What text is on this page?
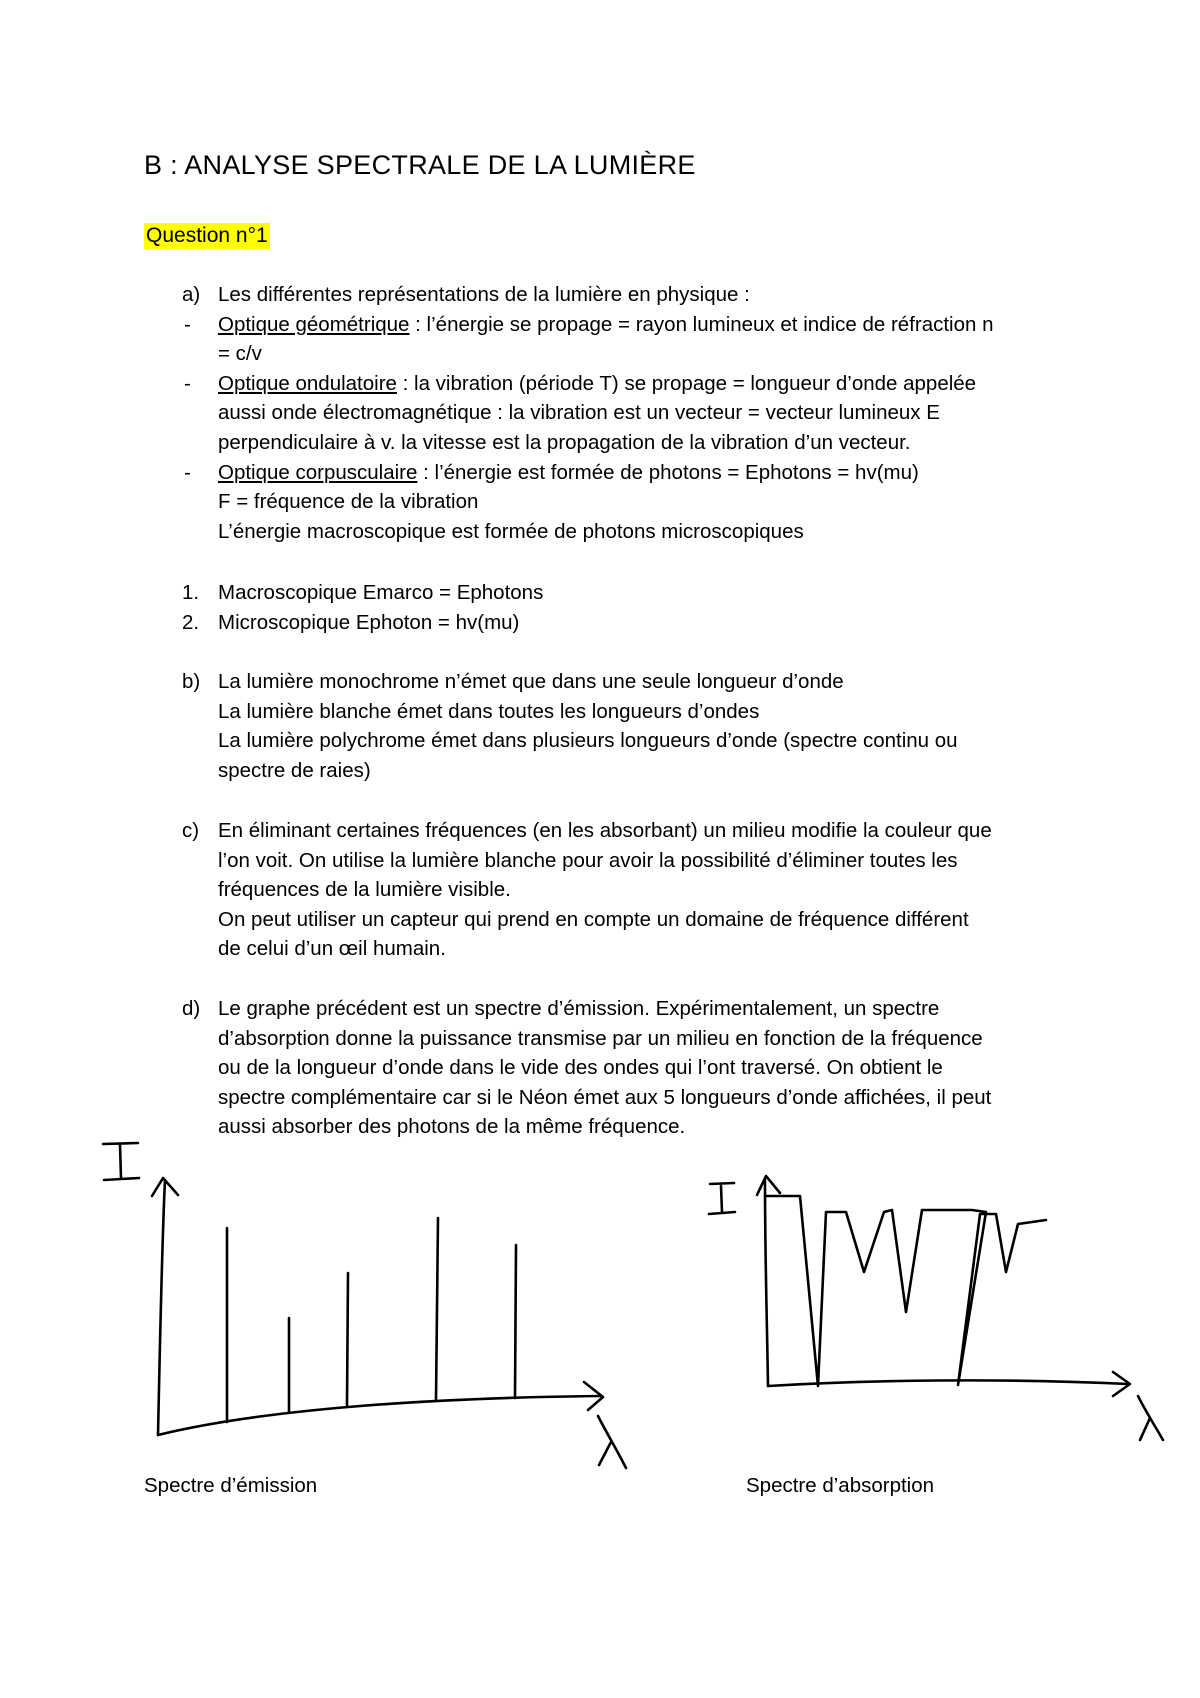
B : ANALYSE SPECTRALE DE LA LUMIÈRE
Question n°1
a) Les différentes représentations de la lumière en physique :
- Optique géométrique : l’énergie se propage = rayon lumineux et indice de réfraction n
= c/v
- Optique ondulatoire : la vibration (période T) se propage = longueur d’onde appelée
aussi onde électromagnétique : la vibration est un vecteur = vecteur lumineux E
perpendiculaire à v. la vitesse est la propagation de la vibration d’un vecteur.
- Optique corpusculaire : l’énergie est formée de photons = Ephotons = hv(mu)
F = fréquence de la vibration
L’énergie macroscopique est formée de photons microscopiques
1. Macroscopique Emarco = Ephotons
2. Microscopique Ephoton = hv(mu)
b) La lumière monochrome n’émet que dans une seule longueur d’onde
La lumière blanche émet dans toutes les longueurs d’ondes
La lumière polychrome émet dans plusieurs longueurs d’onde (spectre continu ou
spectre de raies)
c) En éliminant certaines fréquences (en les absorbant) un milieu modifie la couleur que
l’on voit. On utilise la lumière blanche pour avoir la possibilité d’éliminer toutes les
fréquences de la lumière visible.
On peut utiliser un capteur qui prend en compte un domaine de fréquence différent
de celui d’un œil humain.
d) Le graphe précédent est un spectre d’émission. Expérimentalement, un spectre
d’absorption donne la puissance transmise par un milieu en fonction de la fréquence
ou de la longueur d’onde dans le vide des ondes qui l’ont traversé. On obtient le
spectre complémentaire car si le Néon émet aux 5 longueurs d’onde affichées, il peut
aussi absorber des photons de la même fréquence.
Spectre d’émission	Spectre d’absorption
